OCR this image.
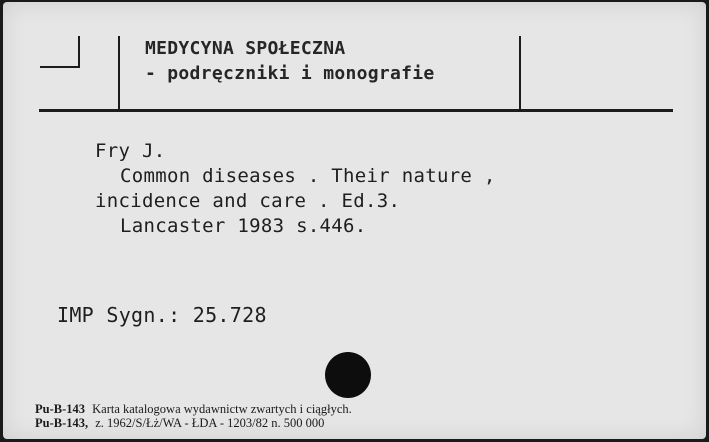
MEDYCYNA SPOŁECZNA
- podręczniki i monografie
Fry J.
Common diseases . Their nature ,
incidence and care . Ed.3.
Lancaster 1983 s.446.
IMP Sygn.: 25.728
Pu-B-143 Karta katalogowa wydawnictw zwartych i ciągłych.
Pu-B-143, z. 1962/S/Łż/WA - ŁDA - 1203/82 n. 500 000
